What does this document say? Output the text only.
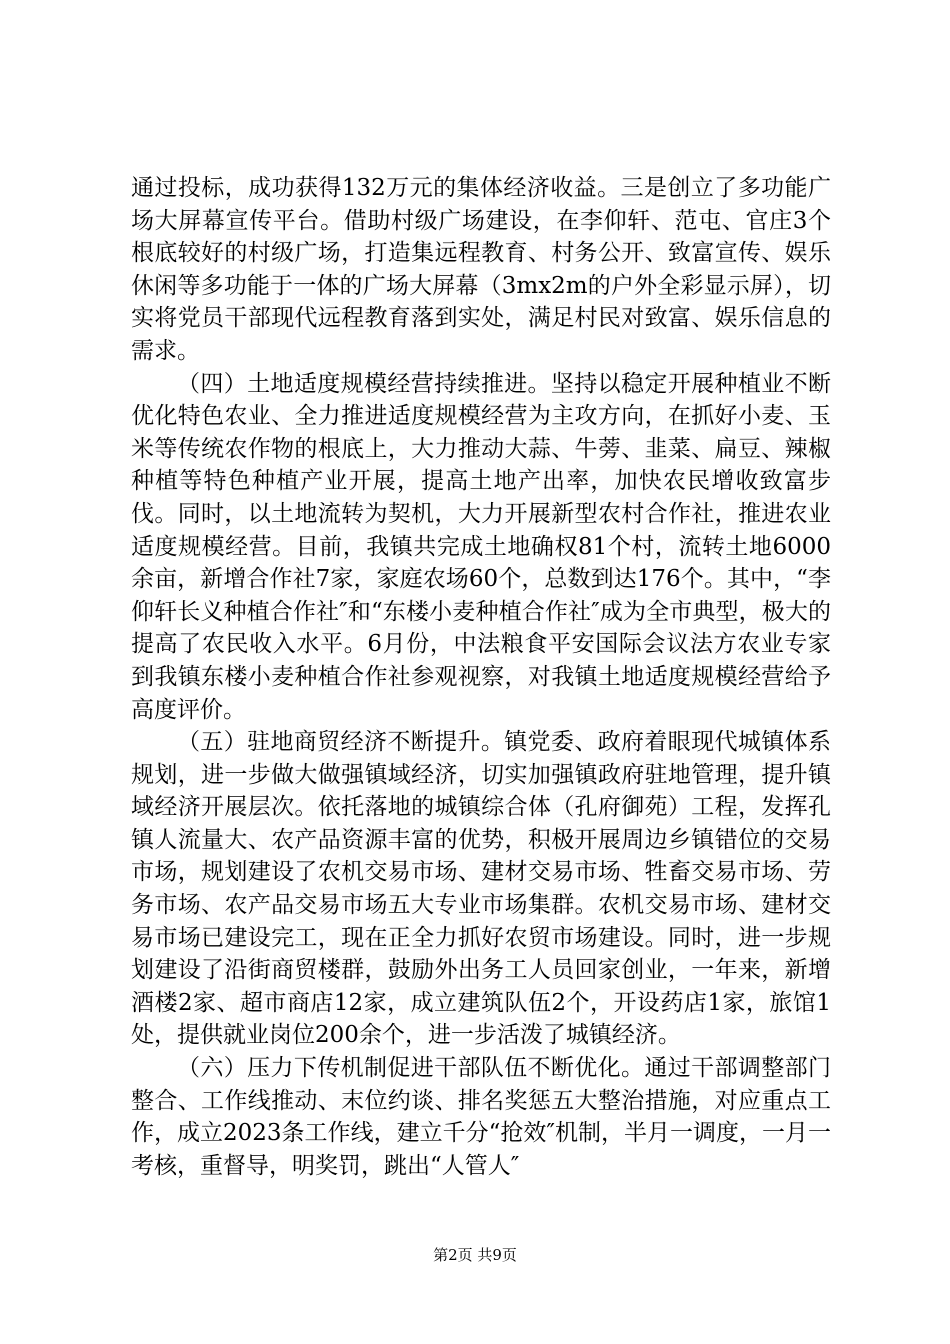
通过投标，成功获得132万元的集体经济收益。三是创立了多功能广场大屏幕宣传平台。借助村级广场建设，在李仰轩、范屯、官庄3个根底较好的村级广场，打造集远程教育、村务公开、致富宣传、娱乐休闲等多功能于一体的广场大屏幕（3mx2m的户外全彩显示屏），切实将党员干部现代远程教育落到实处，满足村民对致富、娱乐信息的需求。

（四）土地适度规模经营持续推进。坚持以稳定开展种植业不断优化特色农业、全力推进适度规模经营为主攻方向，在抓好小麦、玉米等传统农作物的根底上，大力推动大蒜、牛蒡、韭菜、扁豆、辣椒种植等特色种植产业开展，提高土地产出率，加快农民增收致富步伐。同时，以土地流转为契机，大力开展新型农村合作社，推进农业适度规模经营。目前，我镇共完成土地确权81个村，流转土地6000余亩，新增合作社7家，家庭农场60个，总数到达176个。其中，“李仰轩长义种植合作社″和“东楼小麦种植合作社″成为全市典型，极大的提高了农民收入水平。6月份，中法粮食平安国际会议法方农业专家到我镇东楼小麦种植合作社参观视察，对我镇土地适度规模经营给予高度评价。

（五）驻地商贸经济不断提升。镇党委、政府着眼现代城镇体系规划，进一步做大做强镇域经济，切实加强镇政府驻地管理，提升镇域经济开展层次。依托落地的城镇综合体（孔府御苑）工程，发挥孔镇人流量大、农产品资源丰富的优势，积极开展周边乡镇错位的交易市场，规划建设了农机交易市场、建材交易市场、牲畜交易市场、劳务市场、农产品交易市场五大专业市场集群。农机交易市场、建材交易市场已建设完工，现在正全力抓好农贸市场建设。同时，进一步规划建设了沿街商贸楼群，鼓励外出务工人员回家创业，一年来，新增酒楼2家、超市商店12家，成立建筑队伍2个，开设药店1家，旅馆1处，提供就业岗位200余个，进一步活泼了城镇经济。

（六）压力下传机制促进干部队伍不断优化。通过干部调整部门整合、工作线推动、末位约谈、排名奖惩五大整治措施，对应重点工作，成立2023条工作线，建立千分“抢效″机制，半月一调度，一月一考核，重督导，明奖罚，跳出“人管人″

第2页 共9页
